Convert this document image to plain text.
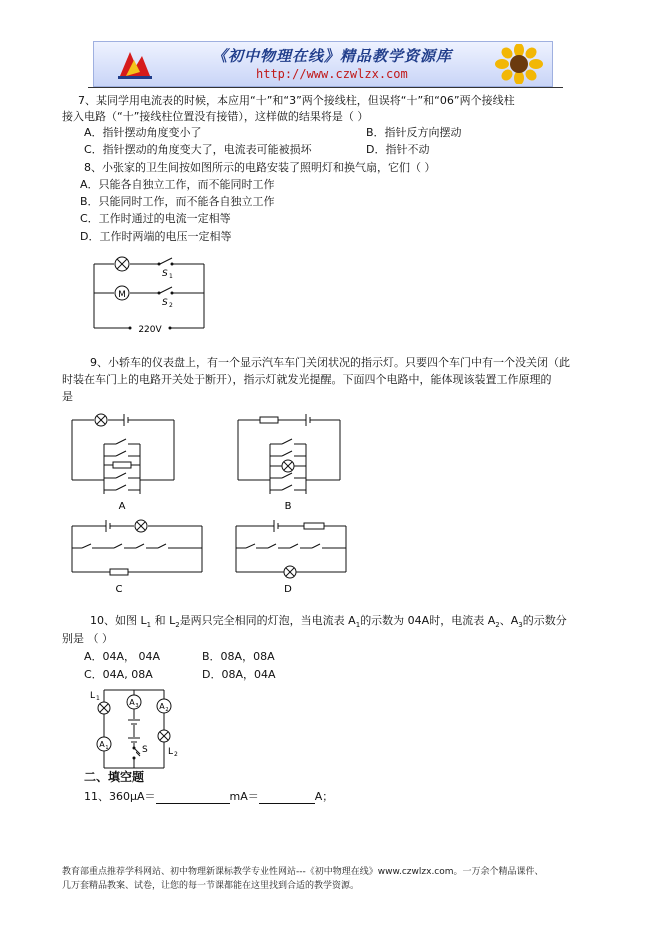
《初中物理在线》精品教学资源库
http://www.czwlzx.com
7、某同学用电流表的时候，本应用“十”和“3”两个接线柱，但误将“十”和“06”两个接线柱
接入电路（“十”接线柱位置没有接错），这样做的结果将是（ ）
A．指针摆动角度变小了	B．指针反方向摆动
C．指针摆动的角度变大了，电流表可能被损坏	D．指针不动
8、小张家的卫生间按如图所示的电路安装了照明灯和换气扇，它们（ ）
A．只能各自独立工作，而不能同时工作
B．只能同时工作，而不能各自独立工作
C．工作时通过的电流一定相等
D．工作时两端的电压一定相等
M
S 1
S 2
220V
9、小轿车的仪表盘上，有一个显示汽车车门关闭状况的指示灯。只要四个车门中有一个没关闭（此
时装在车门上的电路开关处于断开），指示灯就发光提醒。下面四个电路中，能体现该装置工作原理的
是
A	B
C	D
10、如图 $L_1$ 和 $L_2$是两只完全相同的灯泡，当电流表 $A_1$的示数为 04A时，电流表 $A_2$、$A_3$的示数分
别是 （ ）
A．04A， 04A	B．08A，08A
C．04A, 08A	D．08A，04A
A 1
A 3	A 2
L 1
L 2
S
二、填空题
11、360μA＝	mA＝	A；
教育部重点推荐学科网站、初中物理新课标教学专业性网站---《初中物理在线》www.czwlzx.com。一万余个精品课件、
几万套精品教案、试卷，让您的每一节课都能在这里找到合适的教学资源。
